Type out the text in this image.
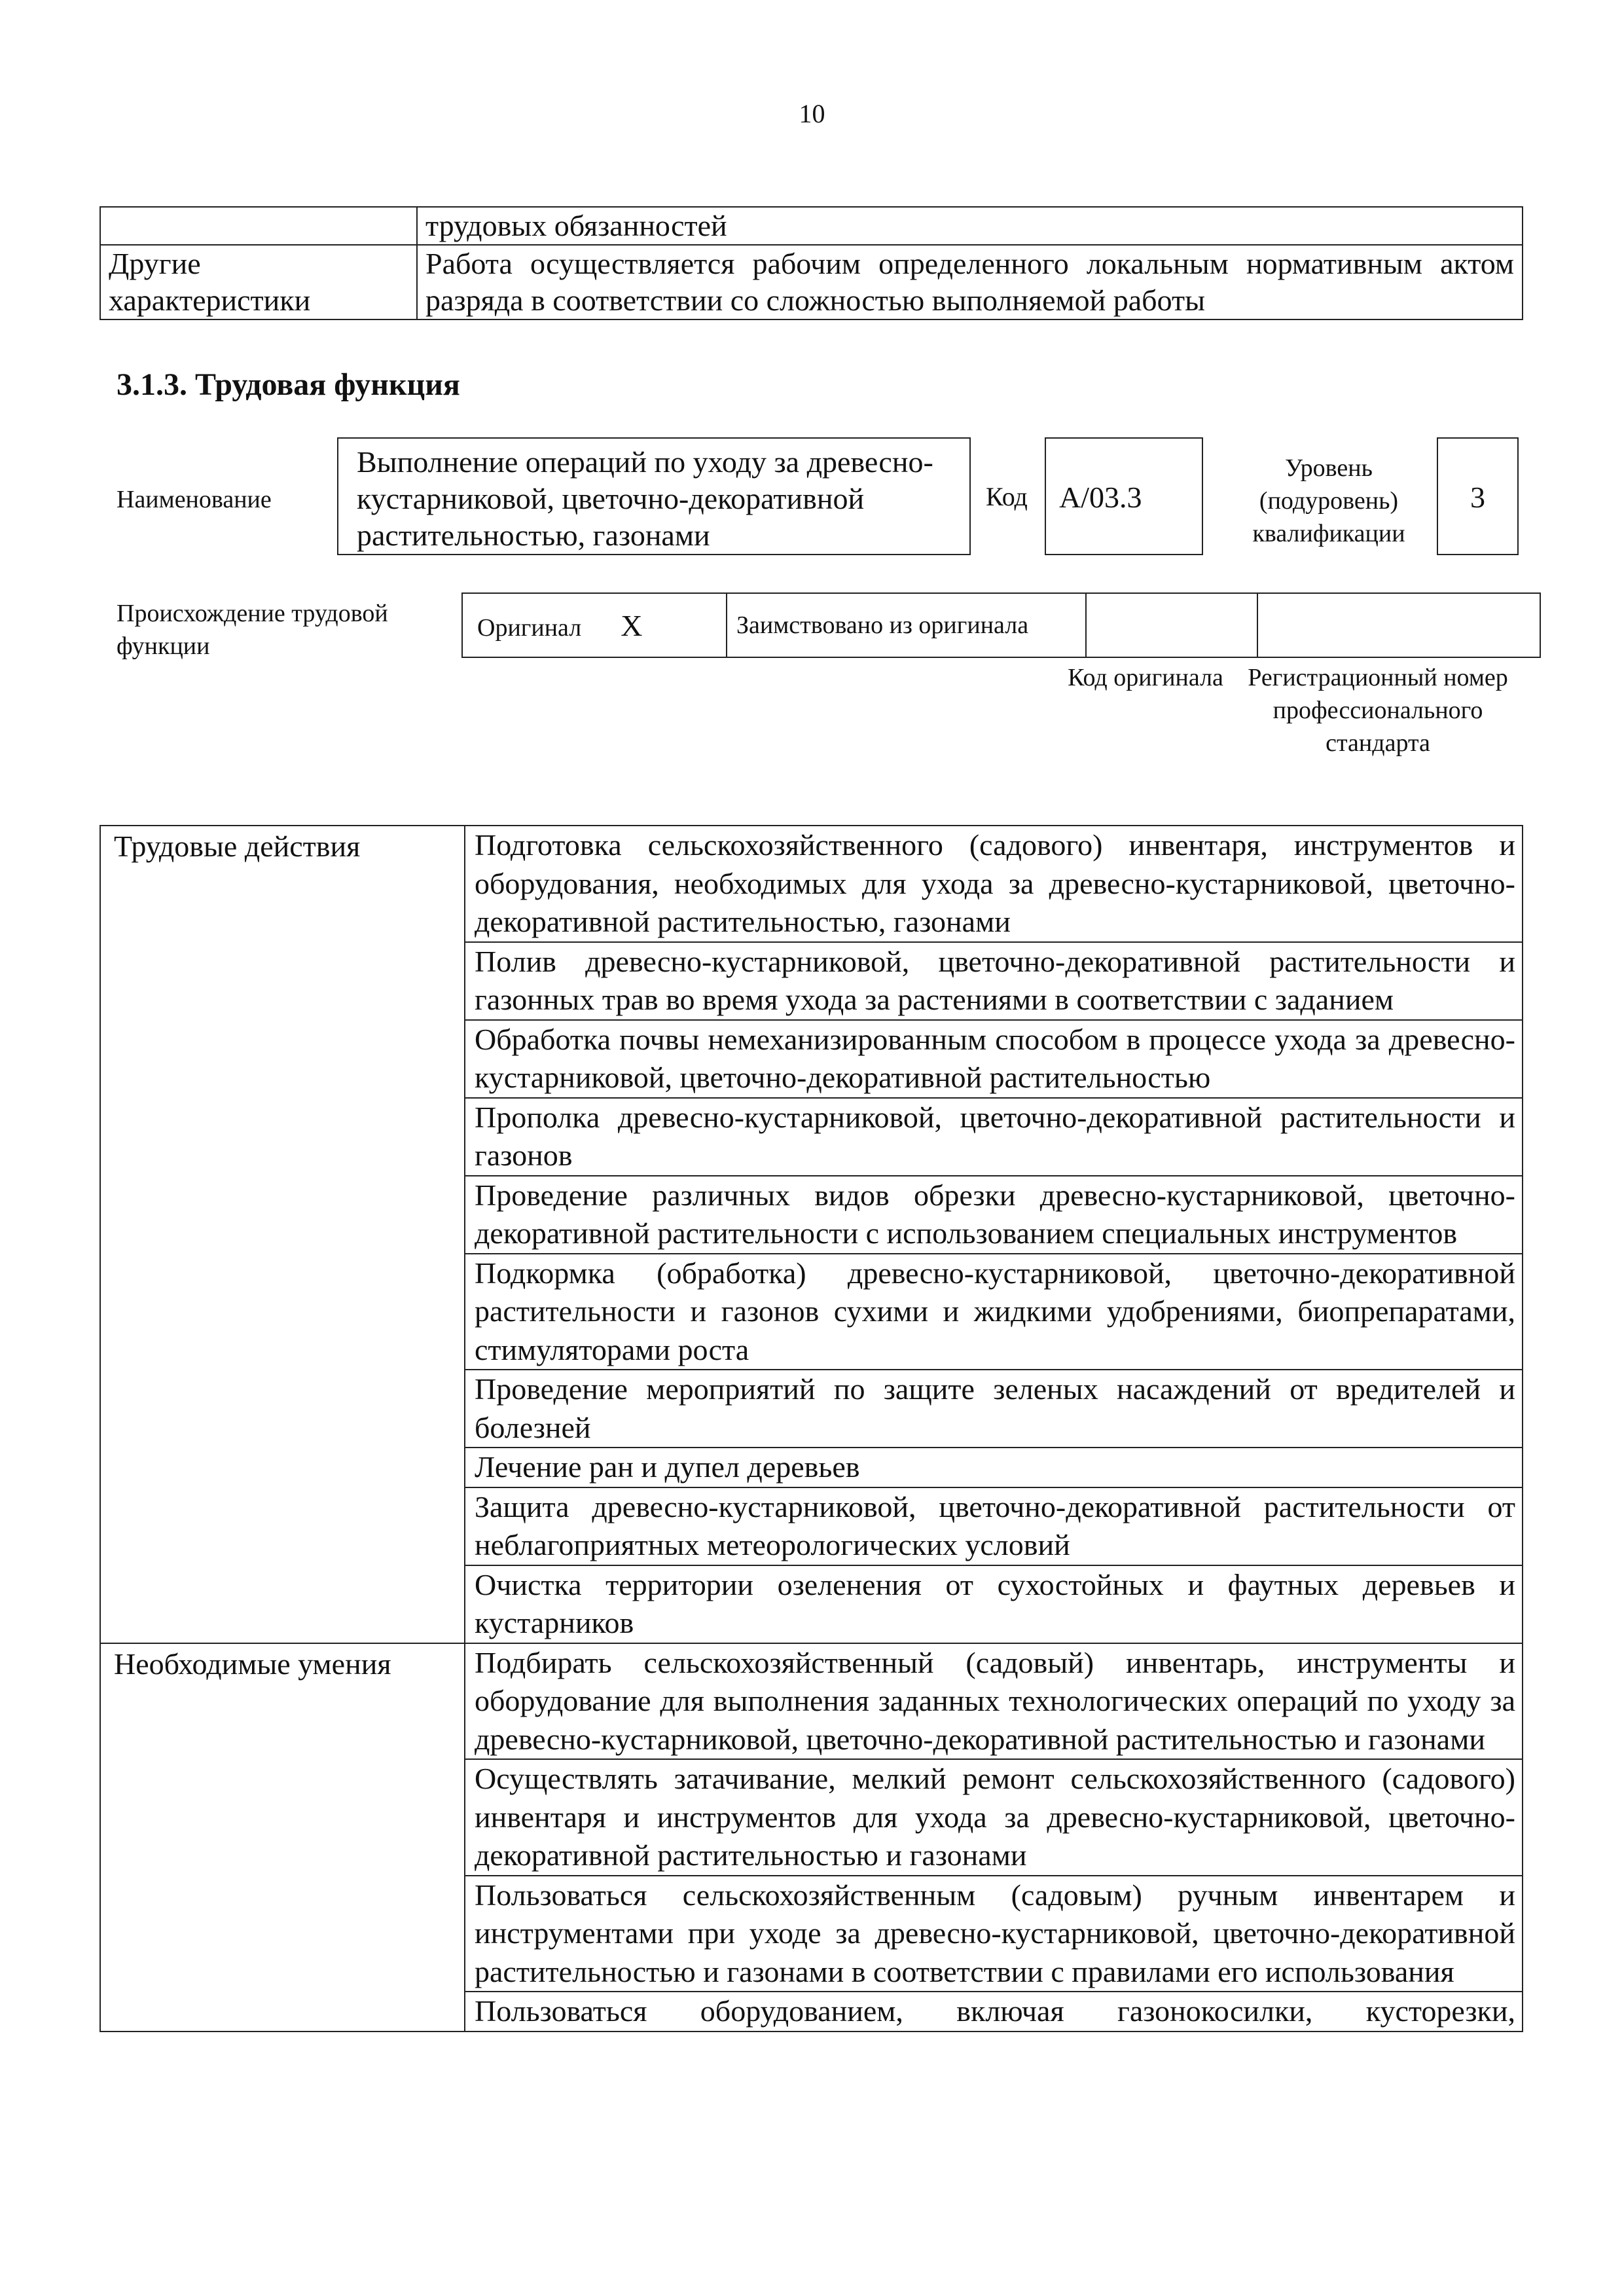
10
	трудовых обязанностей
Другие характеристики	Работа осуществляется рабочим определенного локальным нормативным актом разряда в соответствии со сложностью выполняемой работы
3.1.3. Трудовая функция
Наименование
Выполнение операций по уходу за древесно-кустарниковой, цветочно-декоративной растительностью, газонами
Код	А/03.3
Уровень (подуровень) квалификации
3
Происхождение трудовой функции
Оригинал X	Заимствовано из оригинала		
Код оригинала Регистрационный номер профессионального стандарта
Трудовые действия	Подготовка сельскохозяйственного (садового) инвентаря, инструментов и оборудования, необходимых для ухода за древесно-кустарниковой, цветочно-декоративной растительностью, газонами
	Полив древесно-кустарниковой, цветочно-декоративной растительности и газонных трав во время ухода за растениями в соответствии с заданием
	Обработка почвы немеханизированным способом в процессе ухода за древесно-кустарниковой, цветочно-декоративной растительностью
	Прополка древесно-кустарниковой, цветочно-декоративной растительности и газонов
	Проведение различных видов обрезки древесно-кустарниковой, цветочно-декоративной растительности с использованием специальных инструментов
	Подкормка (обработка) древесно-кустарниковой, цветочно-декоративной растительности и газонов сухими и жидкими удобрениями, биопрепаратами, стимуляторами роста
	Проведение мероприятий по защите зеленых насаждений от вредителей и болезней
	Лечение ран и дупел деревьев
	Защита древесно-кустарниковой, цветочно-декоративной растительности от неблагоприятных метеорологических условий
	Очистка территории озеленения от сухостойных и фаутных деревьев и кустарников
Необходимые умения	Подбирать сельскохозяйственный (садовый) инвентарь, инструменты и оборудование для выполнения заданных технологических операций по уходу за древесно-кустарниковой, цветочно-декоративной растительностью и газонами
	Осуществлять затачивание, мелкий ремонт сельскохозяйственного (садового) инвентаря и инструментов для ухода за древесно-кустарниковой, цветочно-декоративной растительностью и газонами
	Пользоваться сельскохозяйственным (садовым) ручным инвентарем и инструментами при уходе за древесно-кустарниковой, цветочно-декоративной растительностью и газонами в соответствии с правилами его использования
	Пользоваться оборудованием, включая газонокосилки, кусторезки,
